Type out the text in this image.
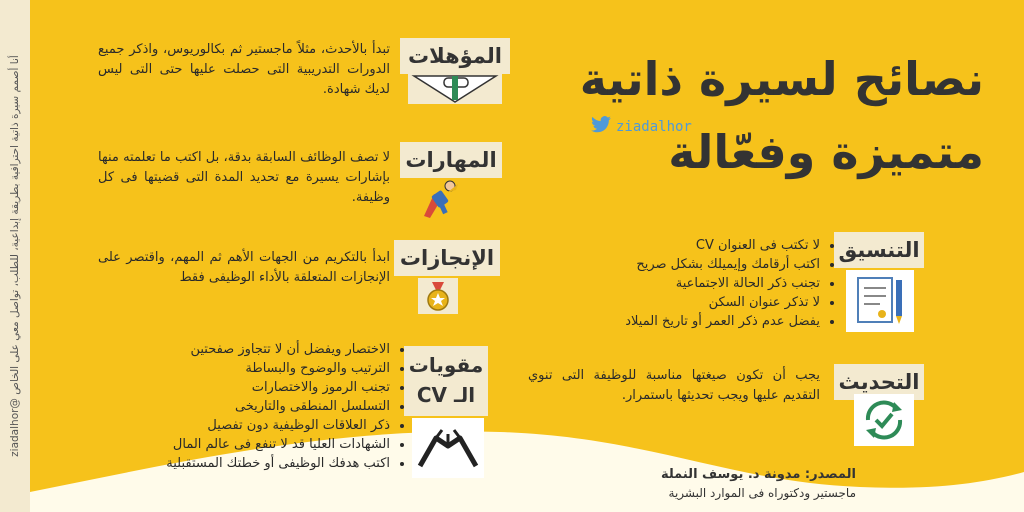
أنا أصمم سيرة ذاتية احترافية بطريقة إبداعية، للطلب، تواصل معي على الخاص @ziadalhor	نصائح لسيرة ذاتية
متميزة وفعّالة
ziadalhor
المؤهلات
تبدأ بالأحدث، مثلاً ماجستير ثم بكالوريوس، واذكر جميع الدورات التدريبية التى حصلت عليها حتى التى ليس لديك شهادة.
المهارات
لا تصف الوظائف السابقة بدقة، بل اكتب ما تعلمته منها بإشارات يسيرة مع تحديد المدة التى قضيتها فى كل وظيفة.
الإنجازات
ابدأ بالتكريم من الجهات الأهم ثم المهم، واقتصر على الإنجازات المتعلقة بالأداء الوظيفى فقط
مقويات
الـ CV
• الاختصار ويفضل أن لا تتجاوز صفحتين
• الترتيب والوضوح والبساطة
• تجنب الرموز والاختصارات
• التسلسل المنطقى والتاريخى
• ذكر العلاقات الوظيفية دون تفصيل
• الشهادات العليا قد لا تنفع فى عالم المال
• اكتب هدفك الوظيفى أو خطتك المستقبلية
التنسيق
• لا تكتب فى العنوان CV
• اكتب أرقامك وإيميلك بشكل صريح
• تجنب ذكر الحالة الاجتماعية
• لا تذكر عنوان السكن
• يفضل عدم ذكر العمر أو تاريخ الميلاد
التحديث
يجب أن تكون صيغتها مناسبة للوظيفة التى تنوي التقديم عليها ويجب تحديثها باستمرار.
المصدر: مدونة د. يوسف النملة
ماجستير ودكتوراه فى الموارد البشرية
